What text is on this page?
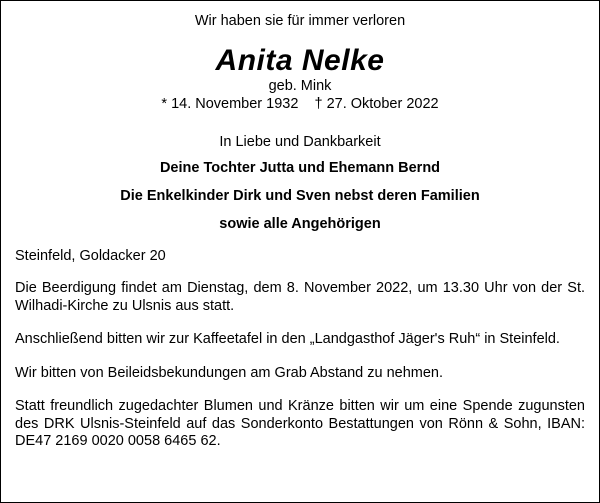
Wir haben sie für immer verloren
Anita Nelke
geb. Mink
* 14. November 1932 † 27. Oktober 2022
In Liebe und Dankbarkeit
Deine Tochter Jutta und Ehemann Bernd
Die Enkelkinder Dirk und Sven nebst deren Familien
sowie alle Angehörigen
Steinfeld, Goldacker 20
Die Beerdigung findet am Dienstag, dem 8. November 2022, um 13.30 Uhr von der St. Wilhadi-Kirche zu Ulsnis aus statt.
Anschließend bitten wir zur Kaffeetafel in den „Landgasthof Jäger's Ruh“ in Steinfeld.
Wir bitten von Beileidsbekundungen am Grab Abstand zu nehmen.
Statt freundlich zugedachter Blumen und Kränze bitten wir um eine Spende zugunsten des DRK Ulsnis-Steinfeld auf das Sonderkonto Bestattungen von Rönn & Sohn, IBAN: DE47 2169 0020 0058 6465 62.
